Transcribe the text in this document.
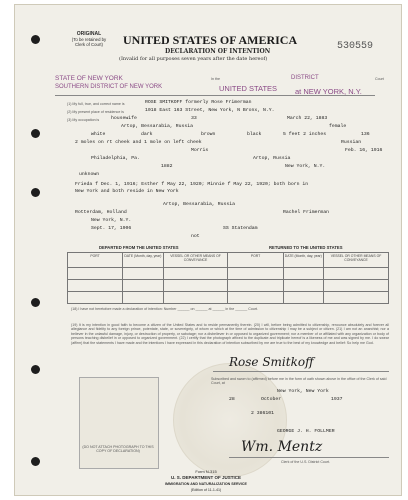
ORIGINAL
(To be retained by
Clerk of Court)	UNITED STATES OF AMERICA	530559
DECLARATION OF INTENTION
(Invalid for all purposes seven years after the date hereof)
STATE OF NEW YORK
SOUTHERN DISTRICT OF NEW YORK
In the
UNITED STATES
DISTRICT	Court
at NEW YORK, N.Y.
(1) My full, true, and correct name is	ROSE SMITKOFF formerly Rose Frimerman
(2) My present place of residence is	1018 East 163 Street, New York, N Bronx, N.Y.
(3) My occupation is housewife	33	March 22, 1883
Artop, Bessarabia, Russia	female
white	dark	brown	black	5 feet 2 inches	136
2 moles on rt cheek and 1 mole on left cheek	Russian
Morris	Feb. 16, 1916
Philadelphia, Pa.	Artop, Russia
1882	New York, N.Y.
unknown
Frieda f Dec. 1, 1916; Esther f May 22, 1920; Minnie f May 22, 1920; both born in
New York and both reside in New York
Artop, Bessarabia, Russia
Rotterdam, Holland	Rachel Frimerman
New York, N.Y.
Sept. 17, 1906	SS Statendam
not
DEPARTED FROM THE UNITED STATES	RETURNED TO THE UNITED STATES
PORT	DATE (Month, day, year)	VESSEL OR OTHER MEANS OF CONVEYANCE	PORT	DATE (Month, day, year)	VESSEL OR OTHER MEANS OF CONVEYANCE

(18) I have not heretofore made a declaration of intention: Number ______ on ______ at ______ in the ______ Court.
(19) It is my intention in good faith to become a citizen of the United States and to reside permanently therein. (20) I will, before being admitted to citizenship, renounce absolutely and forever all allegiance and fidelity to any foreign prince, potentate, state, or sovereignty, of whom or which at the time of admission to citizenship I may be a subject or citizen. (21) I am not an anarchist; nor a believer in the unlawful damage, injury, or destruction of property, or sabotage; nor a disbeliever in or opposed to organized government; nor a member of or affiliated with any organization or body of persons teaching disbelief in or opposed to organized government. (22) I certify that the photograph affixed to the duplicate and triplicate hereof is a likeness of me and was signed by me. I do swear (affirm) that the statements I have made and the intentions I have expressed in this declaration of intention subscribed by me are true to the best of my knowledge and belief: So help me God.
(DO NOT ATTACH PHOTOGRAPH TO THIS COPY OF DECLARATION)
Rose Smitkoff
Subscribed and sworn to (affirmed) before me in the form of oath shown above in the office of the Clerk of said Court, at
New York, New York
28	October	1937
2 386101
GEORGE J. H. FOLLMER
Wm. Mentz
Clerk of the U.S. District Court.
Form N-315
U. S. DEPARTMENT OF JUSTICE
IMMIGRATION AND NATURALIZATION SERVICE
(Edition of 11-1-41)
